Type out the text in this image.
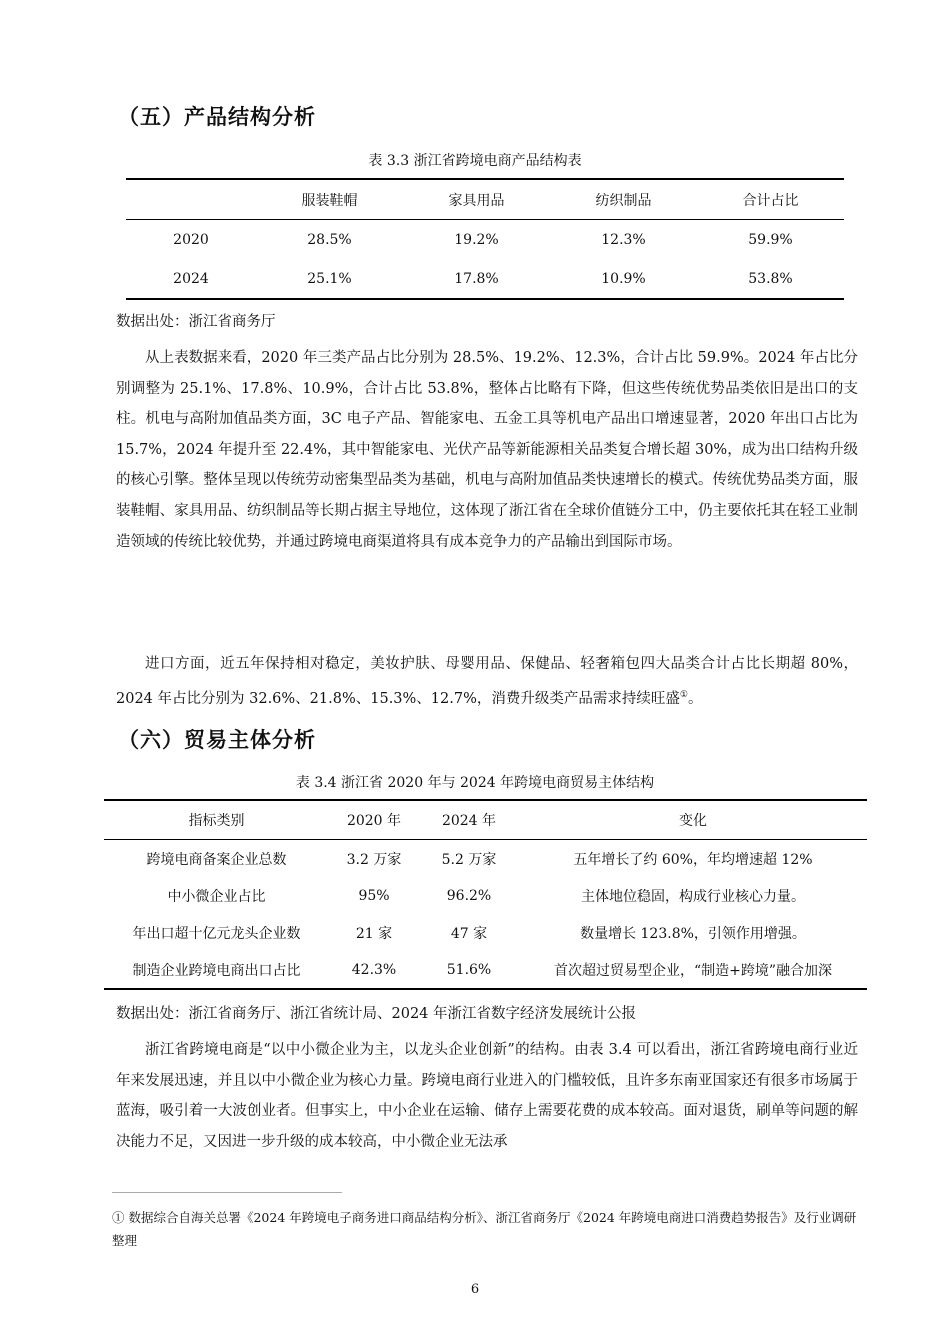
（五）产品结构分析
表 3.3 浙江省跨境电商产品结构表
	服装鞋帽	家具用品	纺织制品	合计占比
2020	28.5%	19.2%	12.3%	59.9%
2024	25.1%	17.8%	10.9%	53.8%
数据出处：浙江省商务厅
从上表数据来看，2020 年三类产品占比分别为 28.5%、19.2%、12.3%，合计占比 59.9%。2024 年占比分别调整为 25.1%、17.8%、10.9%，合计占比 53.8%，整体占比略有下降，但这些传统优势品类依旧是出口的支柱。机电与高附加值品类方面，3C 电子产品、智能家电、五金工具等机电产品出口增速显著，2020 年出口占比为 15.7%，2024 年提升至 22.4%，其中智能家电、光伏产品等新能源相关品类复合增长超 30%，成为出口结构升级的核心引擎。整体呈现以传统劳动密集型品类为基础，机电与高附加值品类快速增长的模式。传统优势品类方面，服装鞋帽、家具用品、纺织制品等长期占据主导地位，这体现了浙江省在全球价值链分工中，仍主要依托其在轻工业制造领域的传统比较优势，并通过跨境电商渠道将具有成本竞争力的产品输出到国际市场。
进口方面，近五年保持相对稳定，美妆护肤、母婴用品、保健品、轻奢箱包四大品类合计占比长期超 80%，2024 年占比分别为 32.6%、21.8%、15.3%、12.7%，消费升级类产品需求持续旺盛①。
（六）贸易主体分析
表 3.4 浙江省 2020 年与 2024 年跨境电商贸易主体结构
指标类别	2020 年	2024 年	变化
跨境电商备案企业总数	3.2 万家	5.2 万家	五年增长了约 60%，年均增速超 12%
中小微企业占比	95%	96.2%	主体地位稳固，构成行业核心力量。
年出口超十亿元龙头企业数	21 家	47 家	数量增长 123.8%，引领作用增强。
制造企业跨境电商出口占比	42.3%	51.6%	首次超过贸易型企业，“制造+跨境”融合加深
数据出处：浙江省商务厅、浙江省统计局、2024 年浙江省数字经济发展统计公报
浙江省跨境电商是“以中小微企业为主，以龙头企业创新”的结构。由表 3.4 可以看出，浙江省跨境电商行业近年来发展迅速，并且以中小微企业为核心力量。跨境电商行业进入的门槛较低，且许多东南亚国家还有很多市场属于蓝海，吸引着一大波创业者。但事实上，中小企业在运输、储存上需要花费的成本较高。面对退货，刷单等问题的解决能力不足，又因进一步升级的成本较高，中小微企业无法承
① 数据综合自海关总署《2024 年跨境电子商务进口商品结构分析》、浙江省商务厅《2024 年跨境电商进口消费趋势报告》及行业调研整理
6
